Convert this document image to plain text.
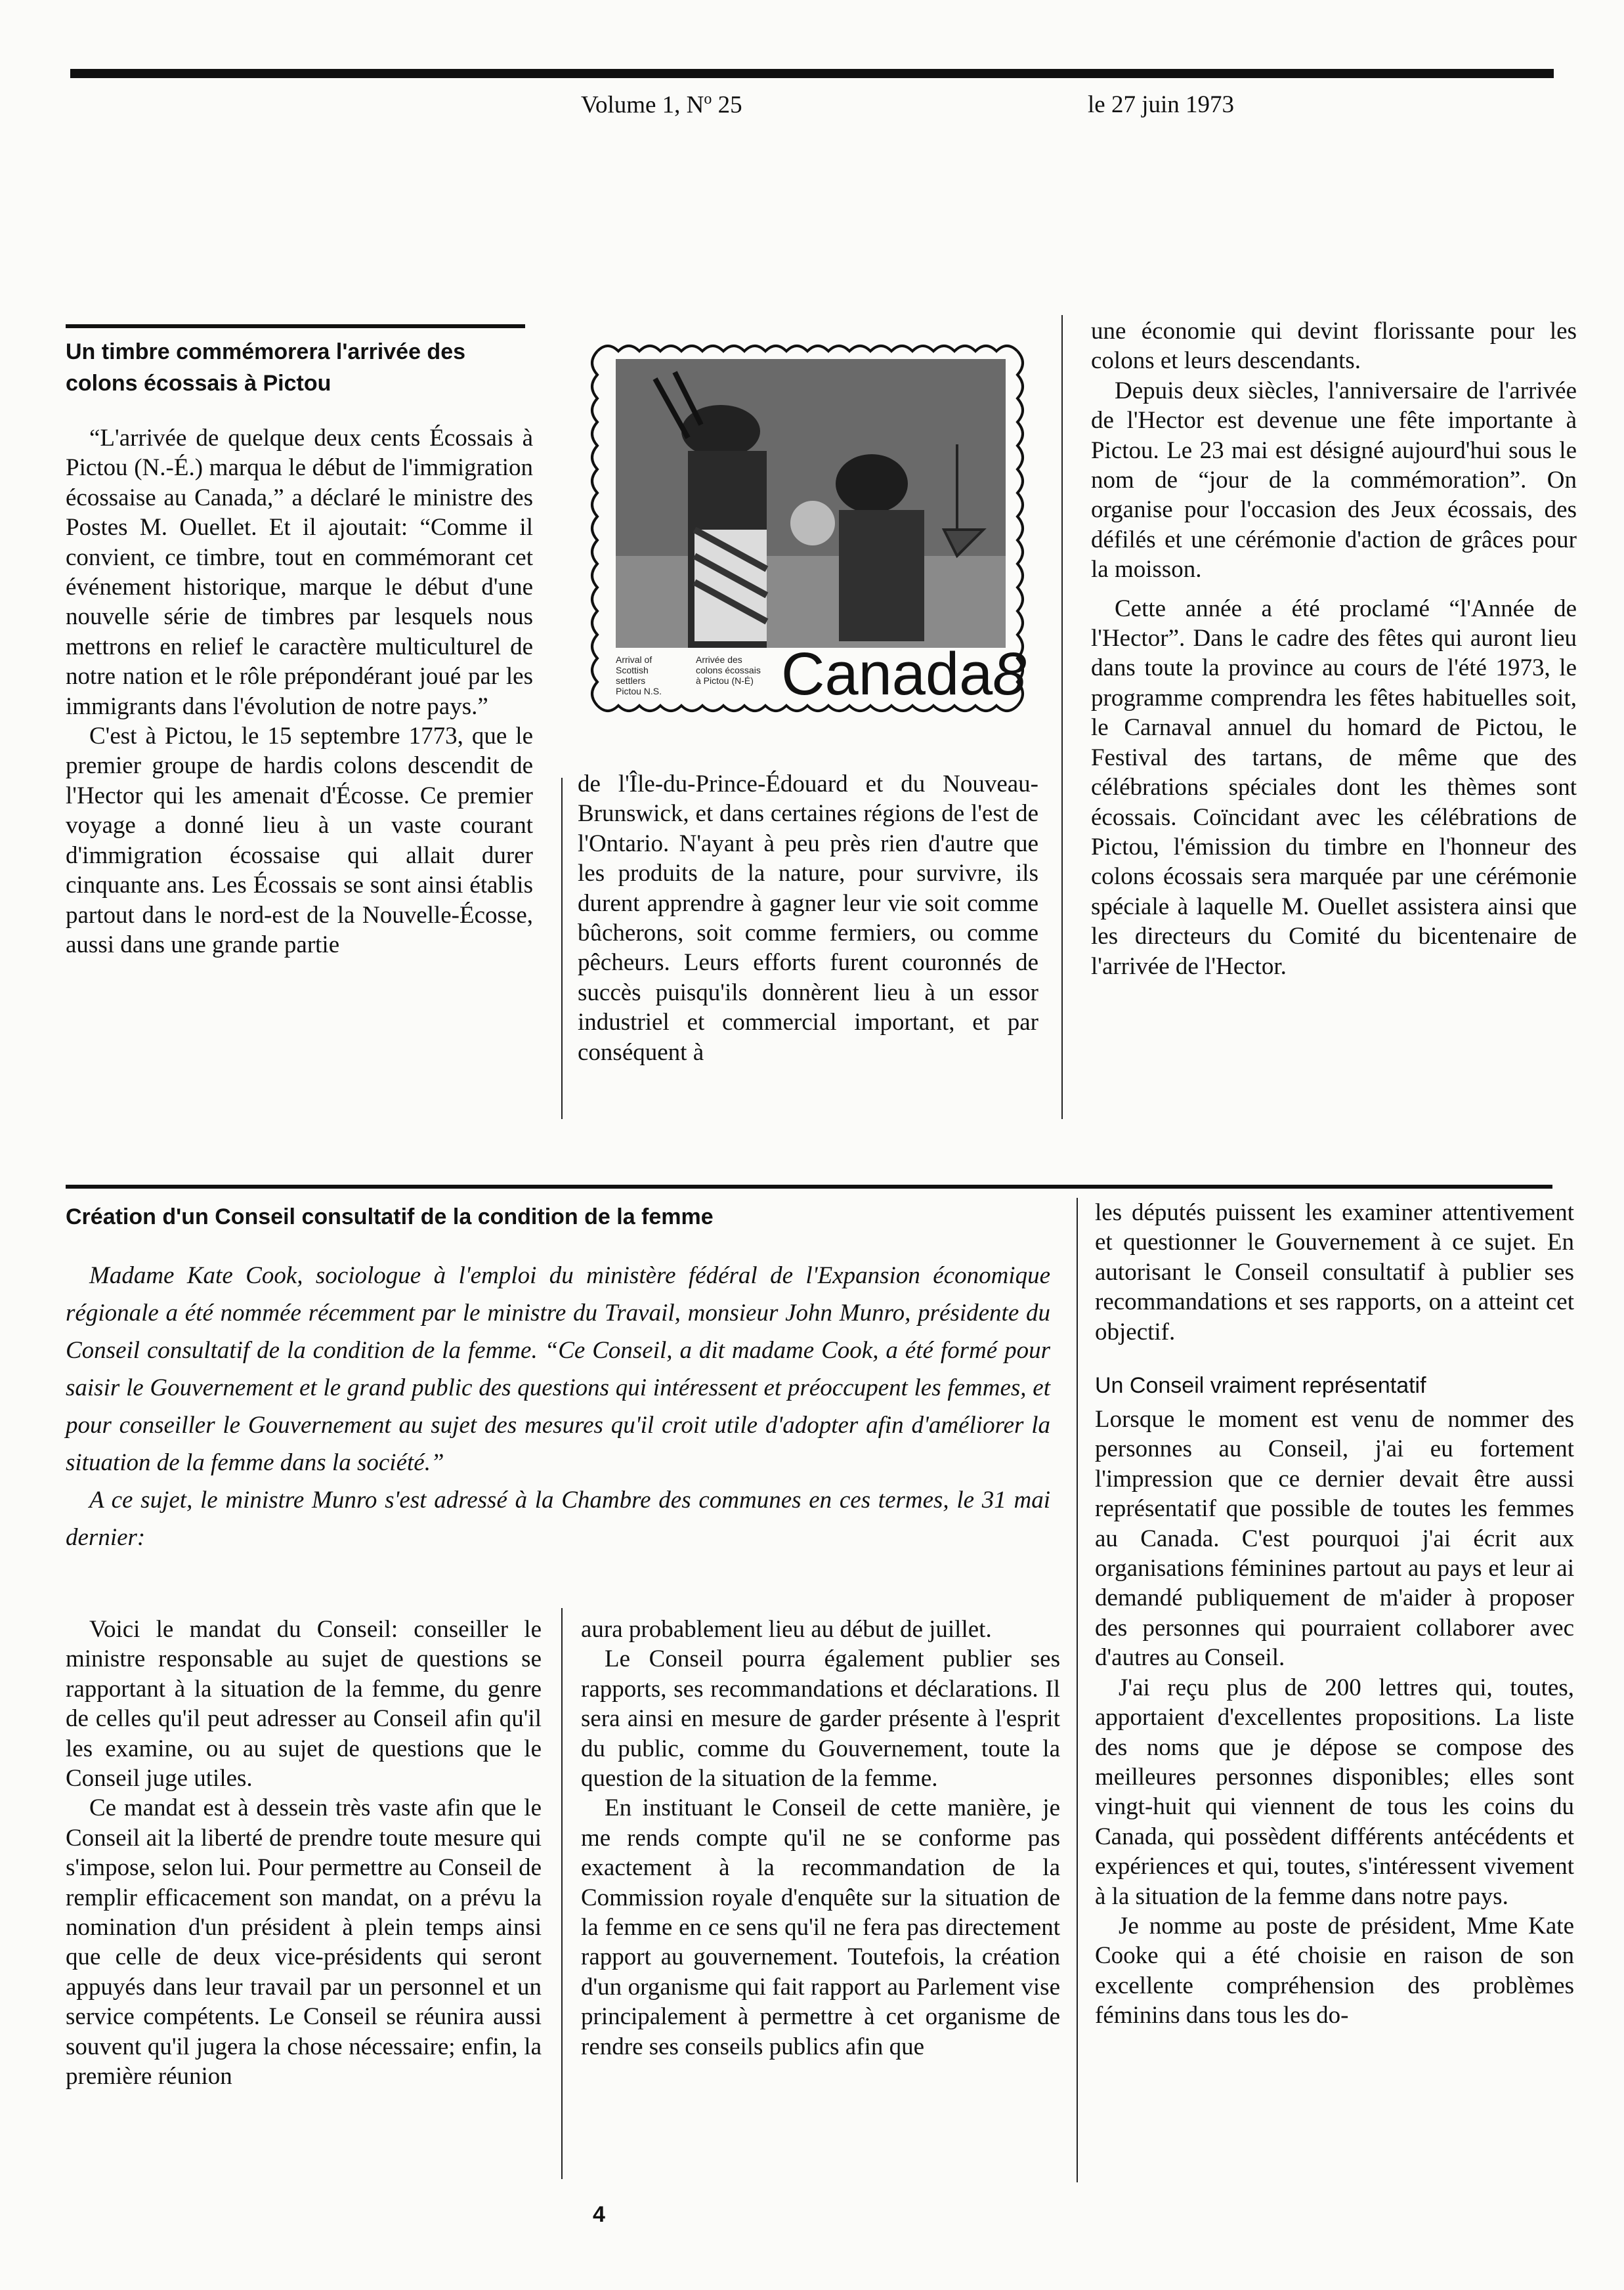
Volume 1, $N^o$ 25	le 27 juin 1973
Un timbre commémorera l'arrivée des
colons écossais à Pictou

“L'arrivée de quelque deux cents Écossais à Pictou (N.-É.) marqua le début de l'immigration écossaise au Canada,” a déclaré le ministre des Postes M. Ouellet. Et il ajoutait: “Comme il convient, ce timbre, tout en commémorant cet événement historique, marque le début d'une nouvelle série de timbres par lesquels nous mettrons en relief le caractère multiculturel de notre nation et le rôle prépondérant joué par les immigrants dans l'évolution de notre pays.”

C'est à Pictou, le 15 septembre 1773, que le premier groupe de hardis colons descendit de l'Hector qui les amenait d'Écosse. Ce premier voyage a donné lieu à un vaste courant d'immigration écossaise qui allait durer cinquante ans. Les Écossais se sont ainsi établis partout dans le nord-est de la Nouvelle-Écosse, aussi dans une grande partie

Arrival of Scottish settlers Pictou N.S.
Arrivée des colons écossais à Pictou (N-É) Canada8

de l'Île-du-Prince-Édouard et du Nouveau-Brunswick, et dans certaines régions de l'est de l'Ontario. N'ayant à peu près rien d'autre que les produits de la nature, pour survivre, ils durent apprendre à gagner leur vie soit comme bûcherons, soit comme fermiers, ou comme pêcheurs. Leurs efforts furent couronnés de succès puisqu'ils donnèrent lieu à un essor industriel et commercial important, et par conséquent à

une économie qui devint florissante pour les colons et leurs descendants.

Depuis deux siècles, l'anniversaire de l'arrivée de l'Hector est devenue une fête importante à Pictou. Le 23 mai est désigné aujourd'hui sous le nom de “jour de la commémoration”. On organise pour l'occasion des Jeux écossais, des défilés et une cérémonie d'action de grâces pour la moisson.

Cette année a été proclamé “l'Année de l'Hector”. Dans le cadre des fêtes qui auront lieu dans toute la province au cours de l'été 1973, le programme comprendra les fêtes habituelles soit, le Carnaval annuel du homard de Pictou, le Festival des tartans, de même que des célébrations spéciales dont les thèmes sont écossais. Coïncidant avec les célébrations de Pictou, l'émission du timbre en l'honneur des colons écossais sera marquée par une cérémonie spéciale à laquelle M. Ouellet assistera ainsi que les directeurs du Comité du bicentenaire de l'arrivée de l'Hector.

Création d'un Conseil consultatif de la condition de la femme

Madame Kate Cook, sociologue à l'emploi du ministère fédéral de l'Expansion économique régionale a été nommée récemment par le ministre du Travail, monsieur John Munro, présidente du Conseil consultatif de la condition de la femme. “Ce Conseil, a dit madame Cook, a été formé pour saisir le Gouvernement et le grand public des questions qui intéressent et préoccupent les femmes, et pour conseiller le Gouvernement au sujet des mesures qu'il croit utile d'adopter afin d'améliorer la situation de la femme dans la société.”

A ce sujet, le ministre Munro s'est adressé à la Chambre des communes en ces termes, le 31 mai dernier:

Voici le mandat du Conseil: conseiller le ministre responsable au sujet de questions se rapportant à la situation de la femme, du genre de celles qu'il peut adresser au Conseil afin qu'il les examine, ou au sujet de questions que le Conseil juge utiles.

Ce mandat est à dessein très vaste afin que le Conseil ait la liberté de prendre toute mesure qui s'impose, selon lui. Pour permettre au Conseil de remplir efficacement son mandat, on a prévu la nomination d'un président à plein temps ainsi que celle de deux vice-présidents qui seront appuyés dans leur travail par un personnel et un service compétents. Le Conseil se réunira aussi souvent qu'il jugera la chose nécessaire; enfin, la première réunion

aura probablement lieu au début de juillet.

Le Conseil pourra également publier ses rapports, ses recommandations et déclarations. Il sera ainsi en mesure de garder présente à l'esprit du public, comme du Gouvernement, toute la question de la situation de la femme.

En instituant le Conseil de cette manière, je me rends compte qu'il ne se conforme pas exactement à la recommandation de la Commission royale d'enquête sur la situation de la femme en ce sens qu'il ne fera pas directement rapport au gouvernement. Toutefois, la création d'un organisme qui fait rapport au Parlement vise principalement à permettre à cet organisme de rendre ses conseils publics afin que

les députés puissent les examiner attentivement et questionner le Gouvernement à ce sujet. En autorisant le Conseil consultatif à publier ses recommandations et ses rapports, on a atteint cet objectif.

Un Conseil vraiment représentatif

Lorsque le moment est venu de nommer des personnes au Conseil, j'ai eu fortement l'impression que ce dernier devait être aussi représentatif que possible de toutes les femmes au Canada. C'est pourquoi j'ai écrit aux organisations féminines partout au pays et leur ai demandé publiquement de m'aider à proposer des personnes qui pourraient collaborer avec d'autres au Conseil.

J'ai reçu plus de 200 lettres qui, toutes, apportaient d'excellentes propositions. La liste des noms que je dépose se compose des meilleures personnes disponibles; elles sont vingt-huit qui viennent de tous les coins du Canada, qui possèdent différents antécédents et expériences et qui, toutes, s'intéressent vivement à la situation de la femme dans notre pays.

Je nomme au poste de président, Mme Kate Cooke qui a été choisie en raison de son excellente compréhension des problèmes féminins dans tous les do-

4
